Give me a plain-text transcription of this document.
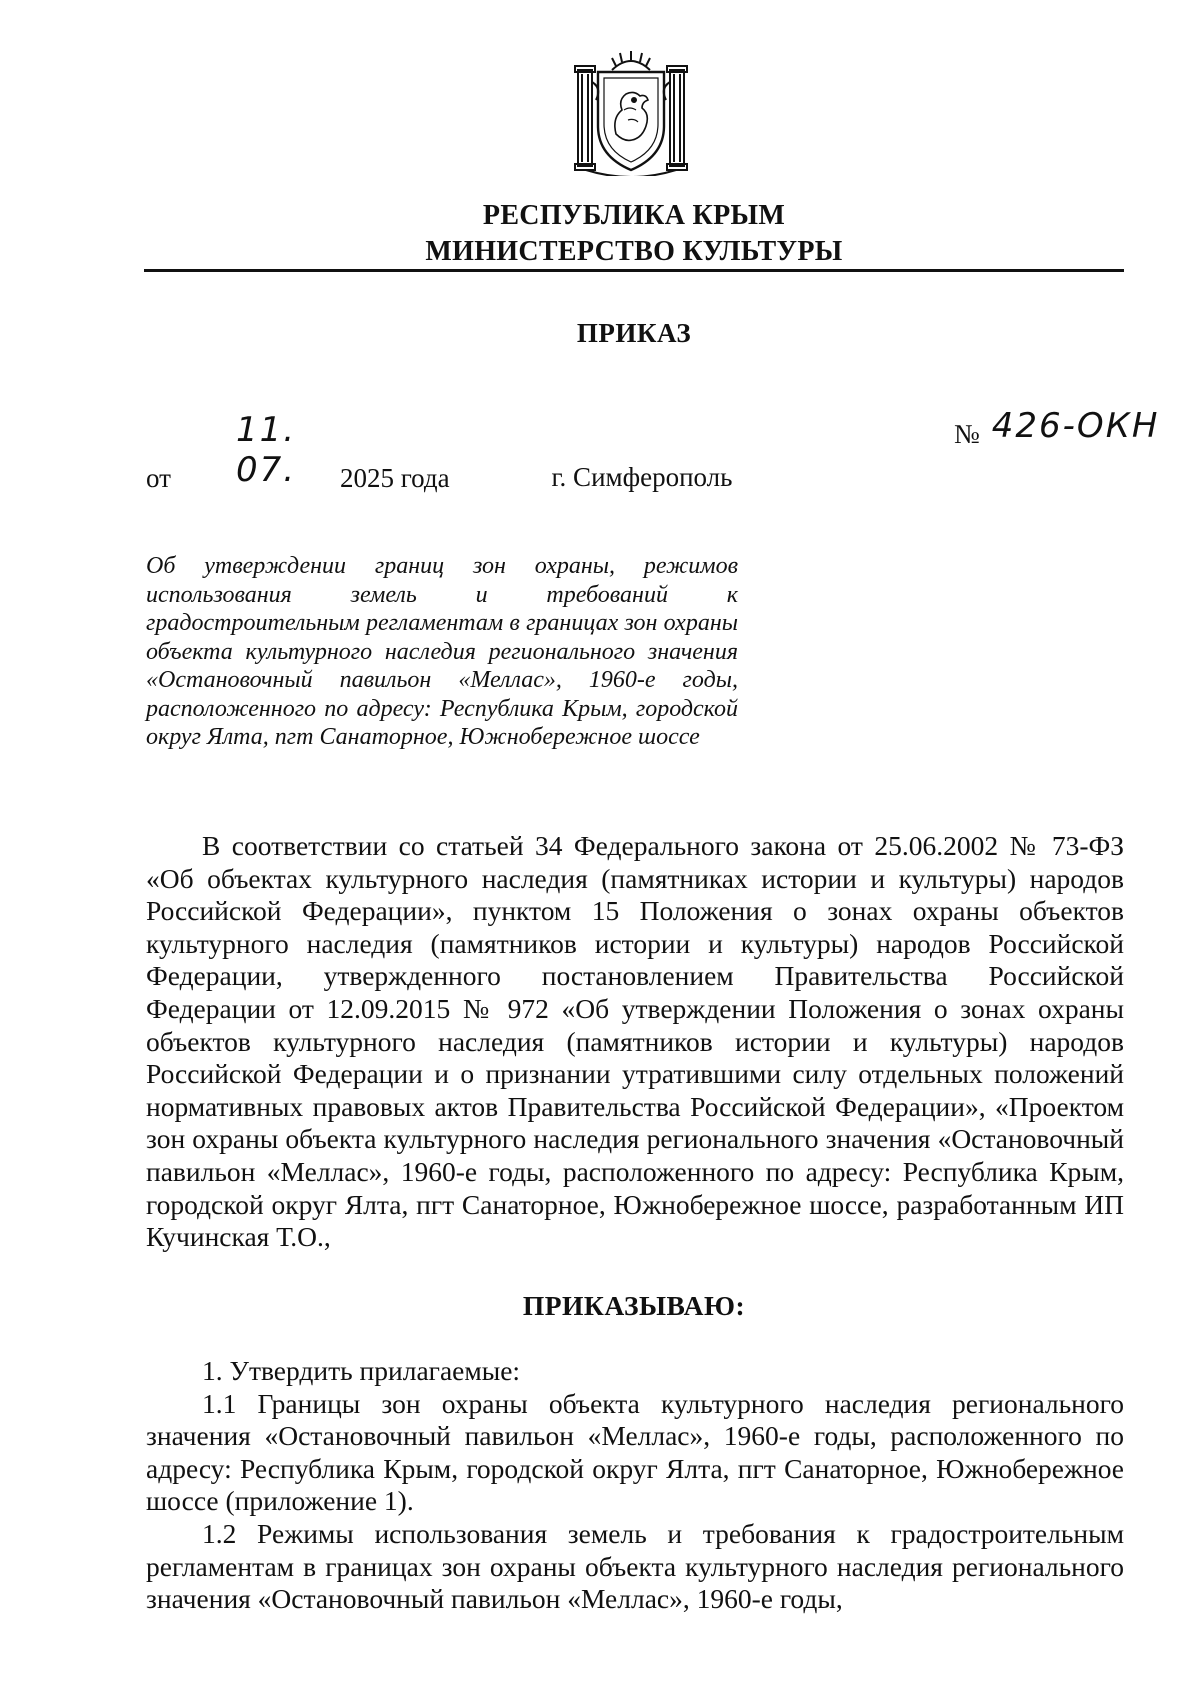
РЕСПУБЛИКА КРЫМ
МИНИСТЕРСТВО КУЛЬТУРЫ
ПРИКАЗ
от11. 07. 2025 года
№ 426-ОКН
г. Симферополь
Об утверждении границ зон охраны, режимов использования земель и требований к градостроительным регламентам в границах зон охраны объекта культурного наследия регионального значения «Остановочный павильон «Меллас», 1960-е годы, расположенного по адресу: Республика Крым, городской округ Ялта, пгт Санаторное, Южнобережное шоссе
В соответствии со статьей 34 Федерального закона от 25.06.2002 № 73-ФЗ «Об объектах культурного наследия (памятниках истории и культуры) народов Российской Федерации», пунктом 15 Положения о зонах охраны объектов культурного наследия (памятников истории и культуры) народов Российской Федерации, утвержденного постановлением Правительства Российской Федерации от 12.09.2015 № 972 «Об утверждении Положения о зонах охраны объектов культурного наследия (памятников истории и культуры) народов Российской Федерации и о признании утратившими силу отдельных положений нормативных правовых актов Правительства Российской Федерации», «Проектом зон охраны объекта культурного наследия регионального значения «Остановочный павильон «Меллас», 1960-е годы, расположенного по адресу: Республика Крым, городской округ Ялта, пгт Санаторное, Южнобережное шоссе, разработанным ИП Кучинская Т.О.,
ПРИКАЗЫВАЮ:

1. Утвердить прилагаемые:

1.1 Границы зон охраны объекта культурного наследия регионального значения «Остановочный павильон «Меллас», 1960-е годы, расположенного по адресу: Республика Крым, городской округ Ялта, пгт Санаторное, Южнобережное шоссе (приложение 1).

1.2 Режимы использования земель и требования к градостроительным регламентам в границах зон охраны объекта культурного наследия регионального значения «Остановочный павильон «Меллас», 1960-е годы,
